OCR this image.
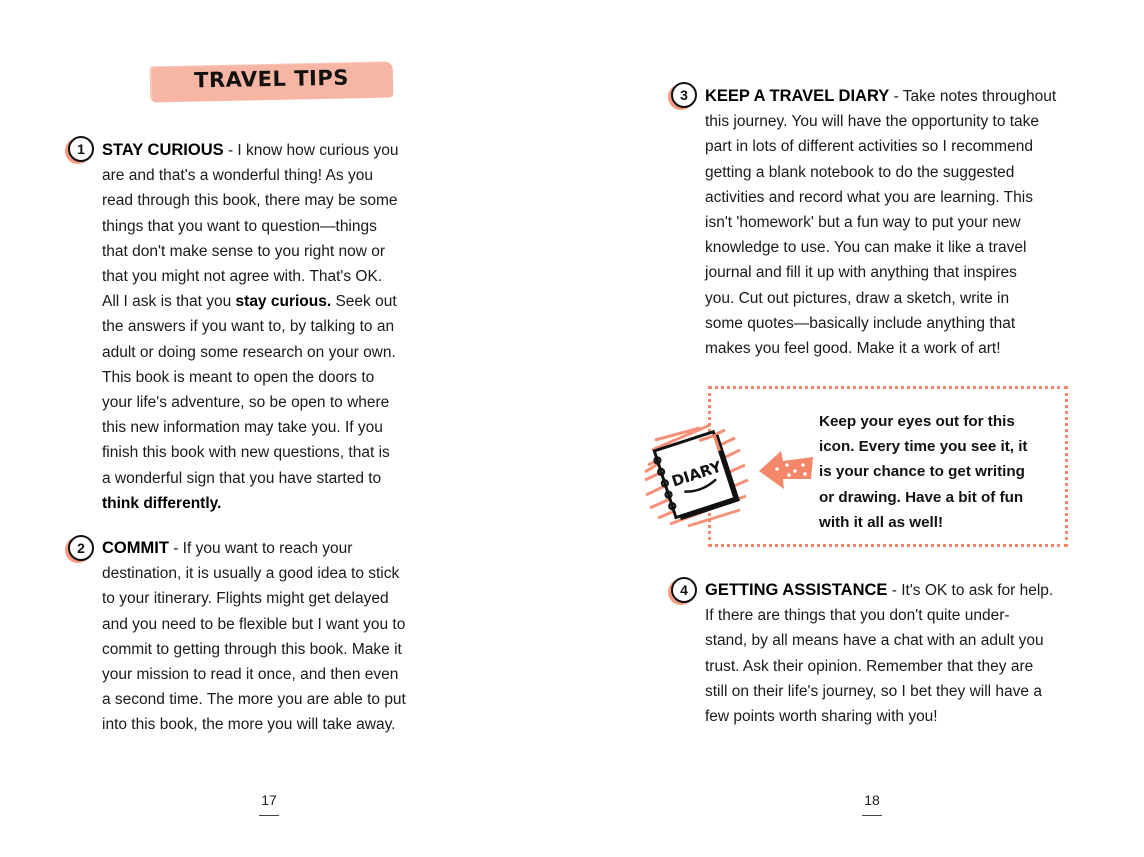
TRAVEL TIPS
1	STAY CURIOUS - I know how curious you
are and that's a wonderful thing! As you
read through this book, there may be some
things that you want to question—things
that don't make sense to you right now or
that you might not agree with. That's OK.
All I ask is that you stay curious. Seek out
the answers if you want to, by talking to an
adult or doing some research on your own.
This book is meant to open the doors to
your life's adventure, so be open to where
this new information may take you. If you
finish this book with new questions, that is
a wonderful sign that you have started to
think differently.

2	COMMIT - If you want to reach your
destination, it is usually a good idea to stick
to your itinerary. Flights might get delayed
and you need to be flexible but I want you to
commit to getting through this book. Make it
your mission to read it once, and then even
a second time. The more you are able to put
into this book, the more you will take away.

17
3	KEEP A TRAVEL DIARY - Take notes throughout
this journey. You will have the opportunity to take
part in lots of different activities so I recommend
getting a blank notebook to do the suggested
activities and record what you are learning. This
isn't 'homework' but a fun way to put your new
knowledge to use. You can make it like a travel
journal and fill it up with anything that inspires
you. Cut out pictures, draw a sketch, write in
some quotes—basically include anything that
makes you feel good. Make it a work of art!

DIARY

Keep your eyes out for this
icon. Every time you see it, it
is your chance to get writing
or drawing. Have a bit of fun
with it all as well!

4	GETTING ASSISTANCE - It's OK to ask for help.
If there are things that you don't quite under-
stand, by all means have a chat with an adult you
trust. Ask their opinion. Remember that they are
still on their life's journey, so I bet they will have a
few points worth sharing with you!

18
